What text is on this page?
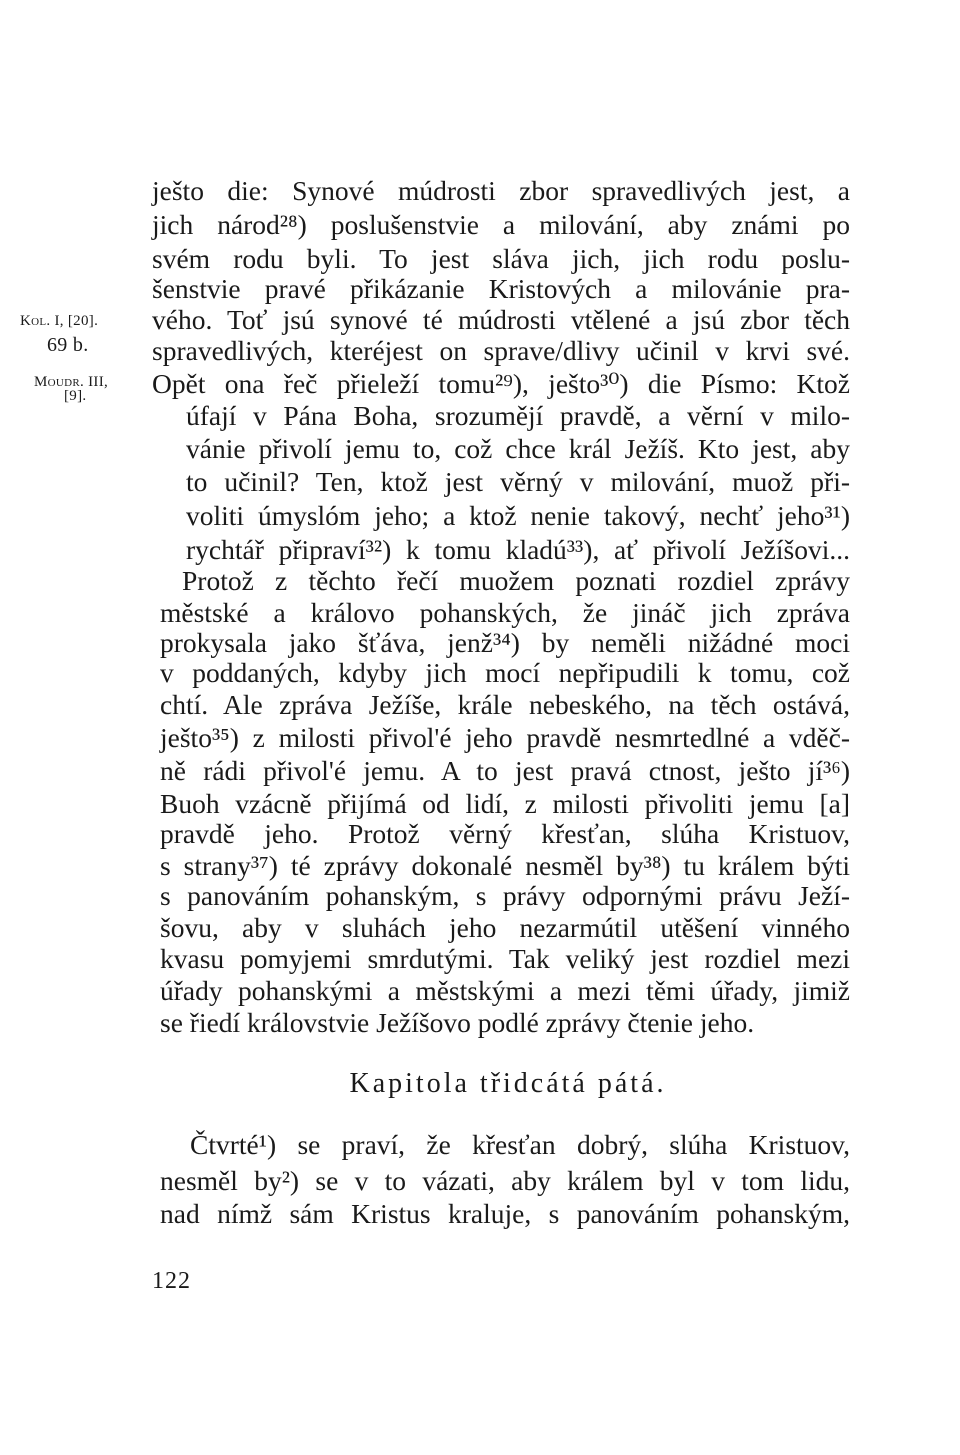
Kol. I, [20].
69 b.
Moudr. III,
[9].
ješto die: Synové múdrosti zbor spravedlivých jest, a
jich národ²⁸) poslušenstvie a milování, aby známi po
svém rodu byli. To jest sláva jich, jich rodu poslu-
šenstvie pravé přikázanie Kristových a milovánie pra-
vého. Toť jsú synové té múdrosti vtělené a jsú zbor těch
spravedlivých, kteréjest on sprave/dlivy učinil v krvi své.
Opět ona řeč přieleží tomu²⁹), ješto³⁰) die Písmo: Ktož
úfají v Pána Boha, srozumějí pravdě, a věrní v milo-
vánie přivolí jemu to, což chce král Ježíš. Kto jest, aby
to učinil? Ten, ktož jest věrný v milování, muož při-
voliti úmyslóm jeho; a ktož nenie takový, nechť jeho³¹)
rychtář připraví³²) k tomu kladú³³), ať přivolí Ježíšovi...
Protož z těchto řečí muožem poznati rozdiel zprávy
městské a královo pohanských, že jináč jich zpráva
prokysala jako šťáva, jenž³⁴) by neměli nižádné moci
v poddaných, kdyby jich mocí nepřipudili k tomu, což
chtí. Ale zpráva Ježíše, krále nebeského, na těch ostává,
ješto³⁵) z milosti přivol'é jeho pravdě nesmrtedlné a vděč-
ně rádi přivol'é jemu. A to jest pravá ctnost, ješto jí³⁶)
Buoh vzácně přijímá od lidí, z milosti přivoliti jemu [a]
pravdě jeho. Protož věrný křesťan, slúha Kristuov,
s strany³⁷) té zprávy dokonalé nesměl by³⁸) tu králem býti
s panováním pohanským, s právy odpornými právu Ježí-
šovu, aby v sluhách jeho nezarmútil utěšení vinného
kvasu pomyjemi smrdutými. Tak veliký jest rozdiel mezi
úřady pohanskými a městskými a mezi těmi úřady, jimiž
se řiedí královstvie Ježíšovo podlé zprávy čtenie jeho.
Kapitola třidcátá pátá.
Čtvrté¹) se praví, že křesťan dobrý, slúha Kristuov,
nesměl by²) se v to vázati, aby králem byl v tom lidu,
nad nímž sám Kristus kraluje, s panováním pohanským,
122
